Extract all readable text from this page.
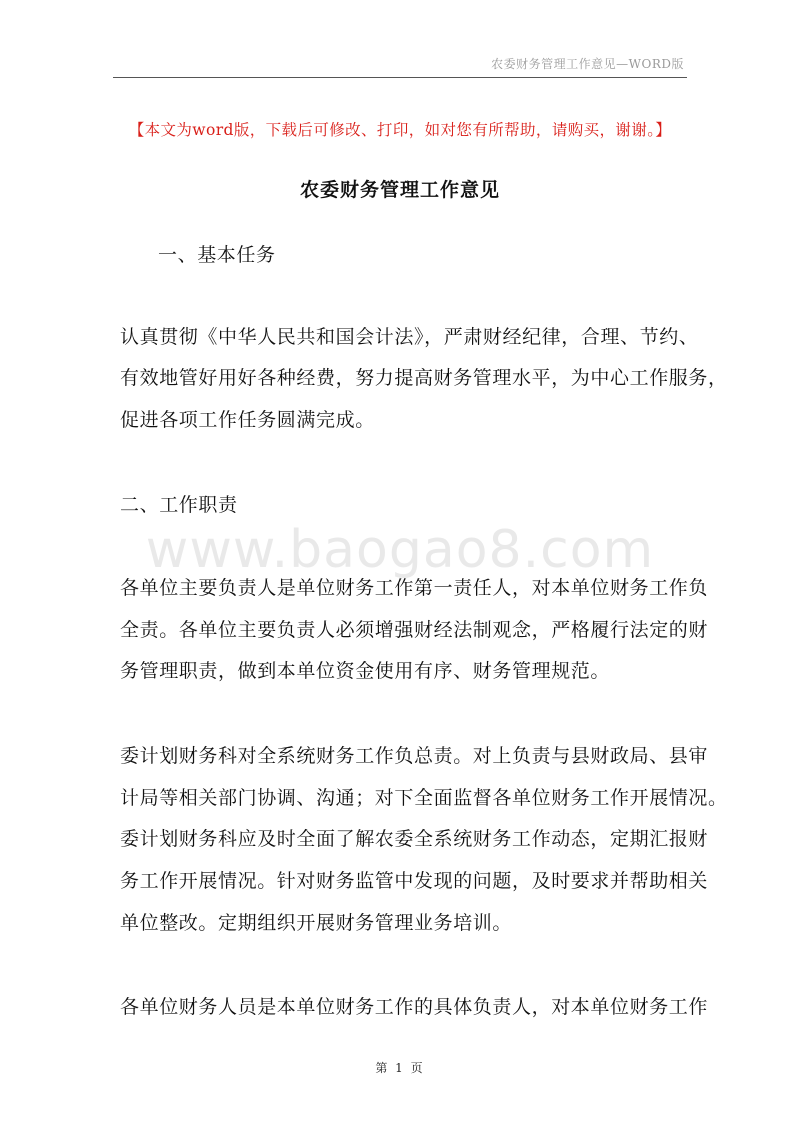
农委财务管理工作意见—WORD版
【本文为word版，下载后可修改、打印，如对您有所帮助，请购买，谢谢。】
农委财务管理工作意见
一、基本任务
认真贯彻《中华人民共和国会计法》，严肃财经纪律，合理、节约、
有效地管好用好各种经费，努力提高财务管理水平，为中心工作服务，
促进各项工作任务圆满完成。
二、工作职责
www.baogao8.com
各单位主要负责人是单位财务工作第一责任人，对本单位财务工作负
全责。各单位主要负责人必须增强财经法制观念，严格履行法定的财
务管理职责，做到本单位资金使用有序、财务管理规范。
委计划财务科对全系统财务工作负总责。对上负责与县财政局、县审
计局等相关部门协调、沟通；对下全面监督各单位财务工作开展情况。
委计划财务科应及时全面了解农委全系统财务工作动态，定期汇报财
务工作开展情况。针对财务监管中发现的问题，及时要求并帮助相关
单位整改。定期组织开展财务管理业务培训。
各单位财务人员是本单位财务工作的具体负责人，对本单位财务工作
第 1 页
